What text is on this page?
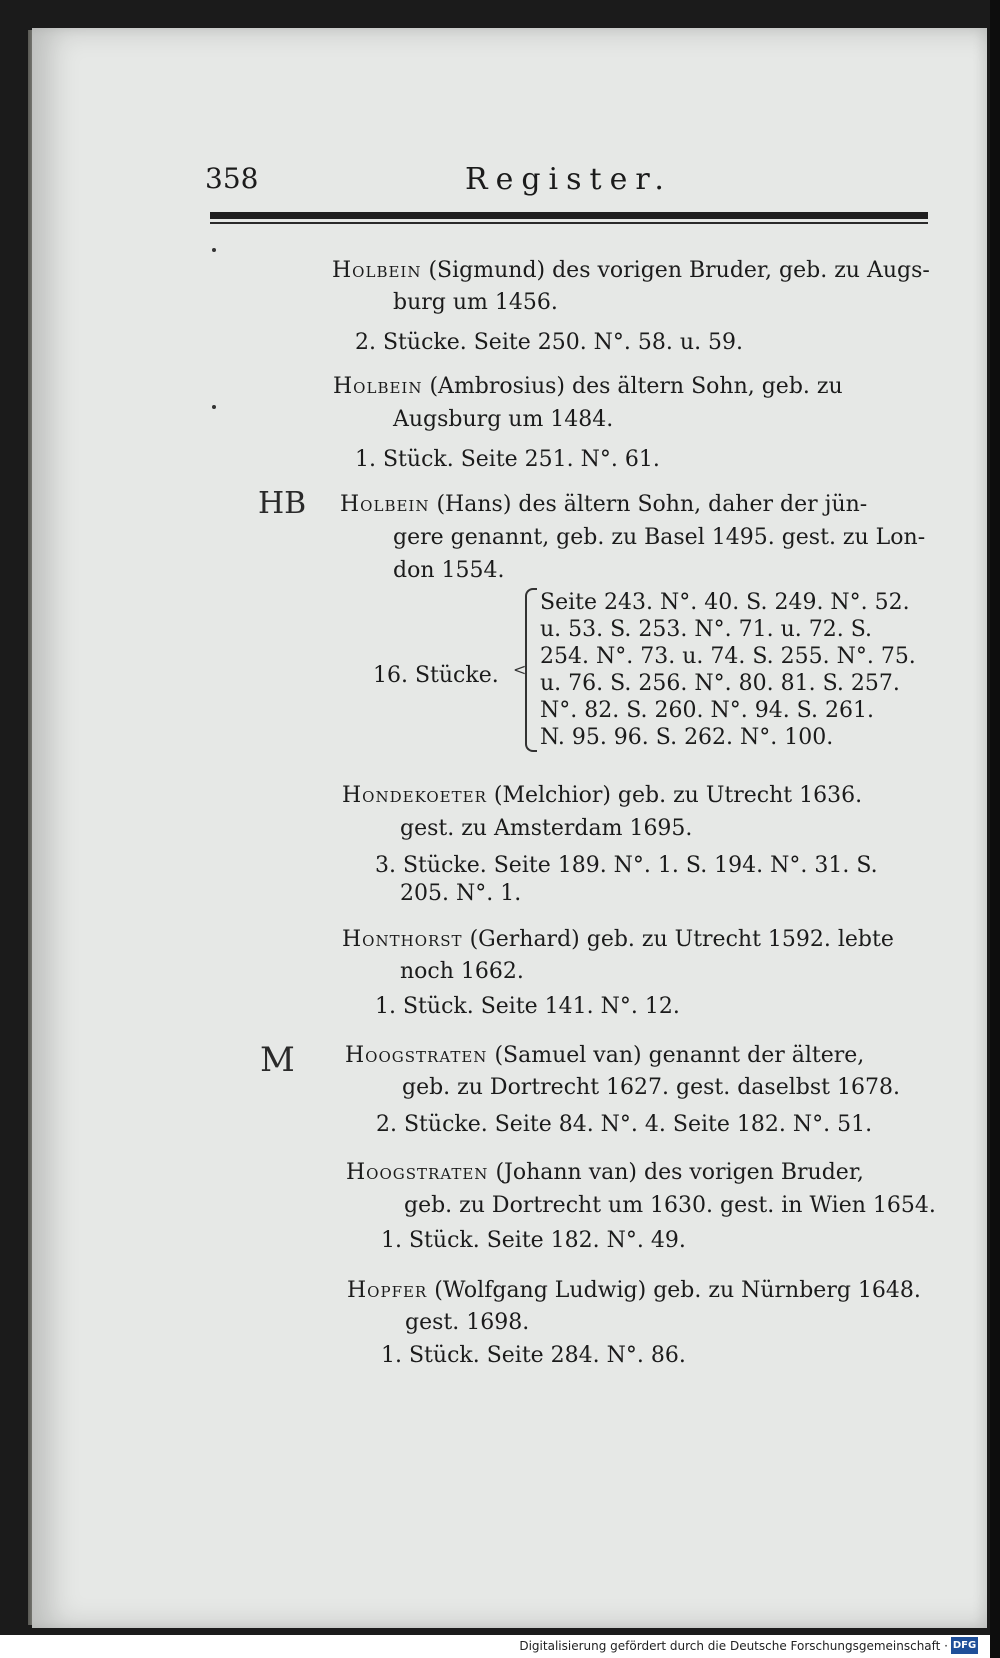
358	Register.
Holbein (Sigmund) des vorigen Bruder, geb. zu Augs-
burg um 1456.
2. Stücke. Seite 250. N°. 58. u. 59.
Holbein (Ambrosius) des ältern Sohn, geb. zu
Augsburg um 1484.
1. Stück. Seite 251. N°. 61.
HB Holbein (Hans) des ältern Sohn, daher der jün-
gere genannt, geb. zu Basel 1495. gest. zu Lon-
don 1554.
16. Stücke. <
Seite 243. N°. 40. S. 249. N°. 52.
u. 53. S. 253. N°. 71. u. 72. S.
254. N°. 73. u. 74. S. 255. N°. 75.
u. 76. S. 256. N°. 80. 81. S. 257.
N°. 82. S. 260. N°. 94. S. 261.
N. 95. 96. S. 262. N°. 100.
Hondekoeter (Melchior) geb. zu Utrecht 1636.
gest. zu Amsterdam 1695.
3. Stücke. Seite 189. N°. 1. S. 194. N°. 31. S.
205. N°. 1.
Honthorst (Gerhard) geb. zu Utrecht 1592. lebte
noch 1662.
1. Stück. Seite 141. N°. 12.
M Hoogstraten (Samuel van) genannt der ältere,
geb. zu Dortrecht 1627. gest. daselbst 1678.
2. Stücke. Seite 84. N°. 4. Seite 182. N°. 51.
Hoogstraten (Johann van) des vorigen Bruder,
geb. zu Dortrecht um 1630. gest. in Wien 1654.
1. Stück. Seite 182. N°. 49.
Hopfer (Wolfgang Ludwig) geb. zu Nürnberg 1648.
gest. 1698.
1. Stück. Seite 284. N°. 86.
Digitalisierung gefördert durch die Deutsche Forschungsgemeinschaft · DFG
